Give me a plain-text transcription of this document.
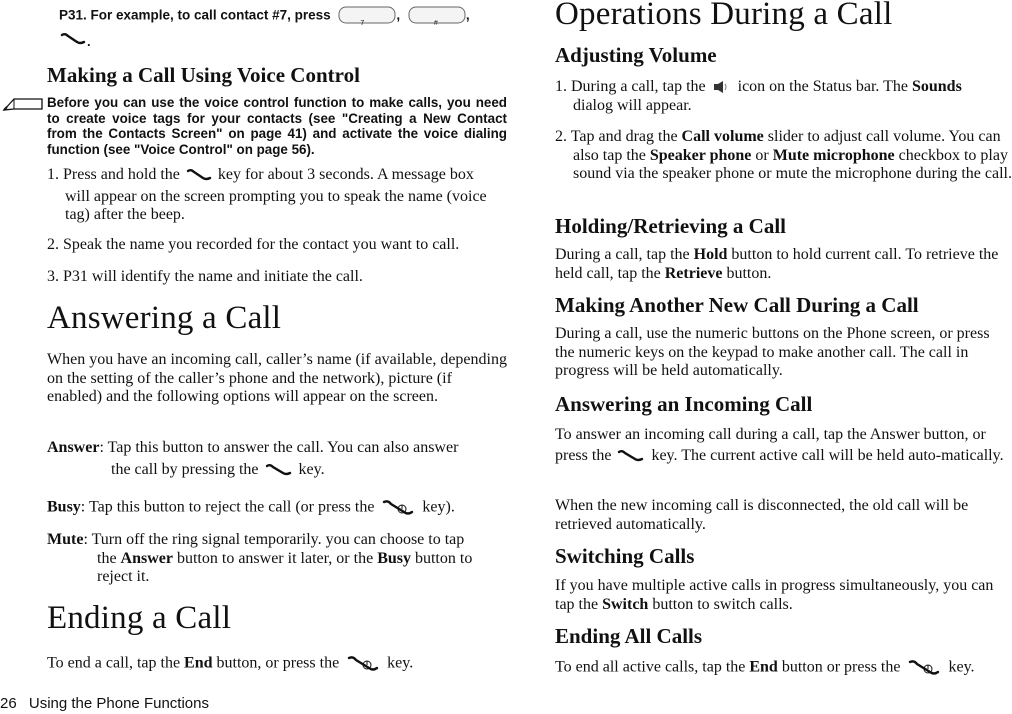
P31. For example, to call contact #7, press
7
,
#
,
.
Making a Call Using Voice Control
Before you can use the voice control function to make calls, you need to create voice tags for your contacts (see "Creating a New Contact from the Contacts Screen" on page 41) and activate the voice dialing function (see "Voice Control" on page 56).
1. Press and hold the key for about 3 seconds. A message box
will appear on the screen prompting you to speak the name (voice tag) after the beep.
2. Speak the name you recorded for the contact you want to call.
3. P31 will identify the name and initiate the call.
Answering a Call
When you have an incoming call, caller’s name (if available, depending on the setting of the caller’s phone and the network), picture (if enabled) and the following options will appear on the screen.
Answer: Tap this button to answer the call. You can also answer
the call by pressing the	key.
Busy: Tap this button to reject the call (or press the	key).
Mute: Turn off the ring signal temporarily. you can choose to tap
the Answer button to answer it later, or the Busy button to
reject it.
Ending a Call
To end a call, tap the End button, or press the	key.
26 Using the Phone Functions
Operations During a Call
Adjusting Volume
1. During a call, tap the icon on the Status bar. The Sounds
dialog will appear.
2. Tap and drag the Call volume slider to adjust call volume. You can also tap the Speaker phone or Mute microphone checkbox to play sound via the speaker phone or mute the microphone during the call.
Holding/Retrieving a Call
During a call, tap the Hold button to hold current call. To retrieve the held call, tap the Retrieve button.
Making Another New Call During a Call
During a call, use the numeric buttons on the Phone screen, or press the numeric keys on the keypad to make another call. The call in progress will be held automatically.
Answering an Incoming Call
To answer an incoming call during a call, tap the Answer button, or press the	key. The current active call will be held auto-matically.
When the new incoming call is disconnected, the old call will be retrieved automatically.
Switching Calls
If you have multiple active calls in progress simultaneously, you can tap the Switch button to switch calls.
Ending All Calls
To end all active calls, tap the End button or press the	key.
